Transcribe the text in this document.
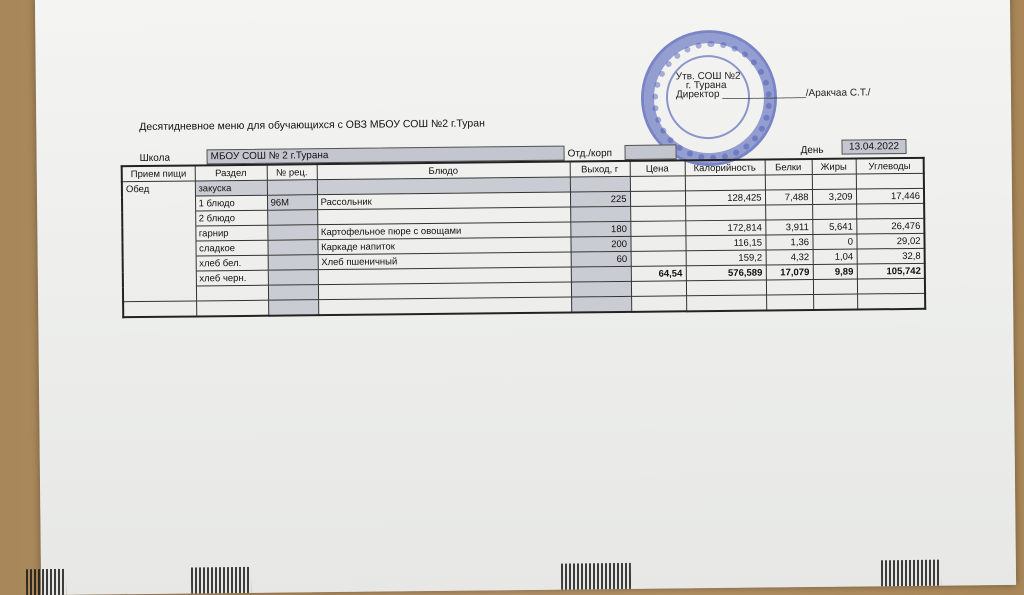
Утв. СОШ №2
г. Турана
Директор _______________/Аракчаа С.Т./
Десятидневное меню для обучающихся с ОВЗ МБОУ СОШ №2 г.Туран
Школа	МБОУ СОШ № 2 г.Турана	Отд./корп	День	13.04.2022
Прием пищи	Раздел	№ рец.	Блюдо	Выход, г	Цена	Калорийность	Белки	Жиры	Углеводы
Обед	закуска								
	1 блюдо	96М	Рассольник	225		128,425	7,488	3,209	17,446
	2 блюдо								
	гарнир		Картофельное пюре с овощами	180		172,814	3,911	5,641	26,476
	сладкое		Каркаде напиток	200		116,15	1,36	0	29,02
	хлеб бел.		Хлеб пшеничный	60		159,2	4,32	1,04	32,8
	хлеб черн.				64,54	576,589	17,079	9,89	105,742
